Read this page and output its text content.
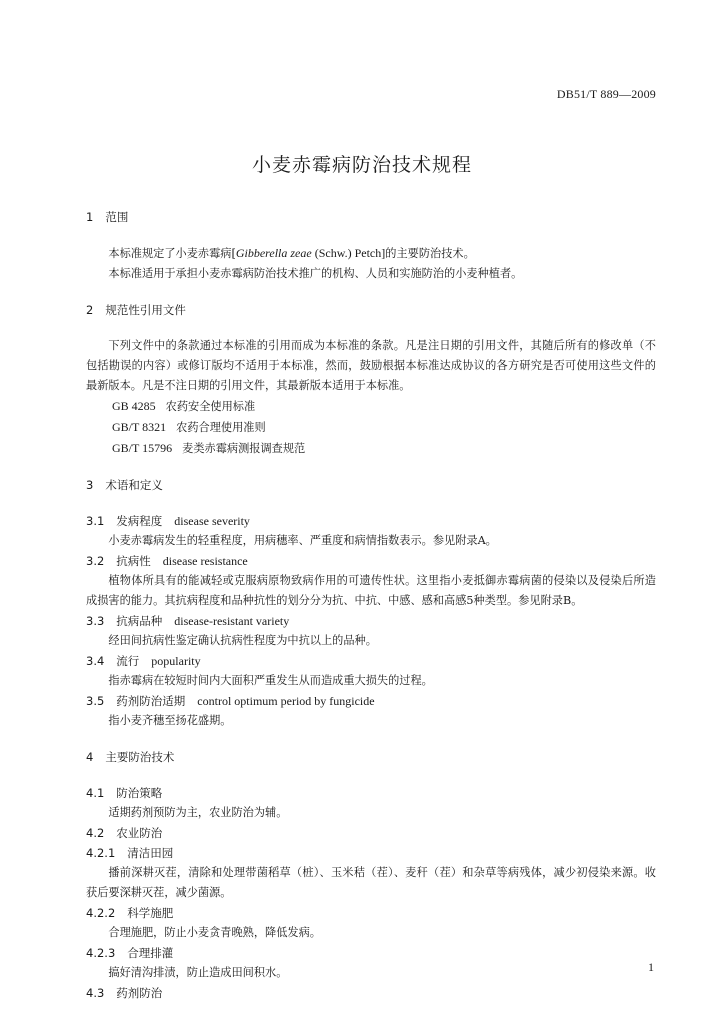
DB51/T 889—2009
小麦赤霉病防治技术规程

1 范围

本标准规定了小麦赤霉病[Gibberella zeae (Schw.) Petch]的主要防治技术。

本标准适用于承担小麦赤霉病防治技术推广的机构、人员和实施防治的小麦种植者。

2 规范性引用文件

下列文件中的条款通过本标准的引用而成为本标准的条款。凡是注日期的引用文件，其随后所有的修改单（不包括勘误的内容）或修订版均不适用于本标准，然而，鼓励根据本标准达成协议的各方研究是否可使用这些文件的最新版本。凡是不注日期的引用文件，其最新版本适用于本标准。

GB 4285 农药安全使用标准

GB/T 8321 农药合理使用准则

GB/T 15796 麦类赤霉病测报调查规范

3 术语和定义

3.1 发病程度 disease severity

小麦赤霉病发生的轻重程度，用病穗率、严重度和病情指数表示。参见附录A。

3.2 抗病性 disease resistance

植物体所具有的能减轻或克服病原物致病作用的可遗传性状。这里指小麦抵御赤霉病菌的侵染以及侵染后所造成损害的能力。其抗病程度和品种抗性的划分分为抗、中抗、中感、感和高感5种类型。参见附录B。

3.3 抗病品种 disease-resistant variety

经田间抗病性鉴定确认抗病性程度为中抗以上的品种。

3.4 流行 popularity

指赤霉病在较短时间内大面积严重发生从而造成重大损失的过程。

3.5 药剂防治适期 control optimum period by fungicide

指小麦齐穗至扬花盛期。

4 主要防治技术

4.1 防治策略

适期药剂预防为主，农业防治为辅。

4.2 农业防治

4.2.1 清洁田园

播前深耕灭茬，清除和处理带菌稻草（桩）、玉米秸（茬）、麦秆（茬）和杂草等病残体，减少初侵染来源。收获后要深耕灭茬，减少菌源。

4.2.2 科学施肥

合理施肥，防止小麦贪青晚熟，降低发病。

4.2.3 合理排灌

搞好清沟排渍，防止造成田间积水。

4.3 药剂防治

1
